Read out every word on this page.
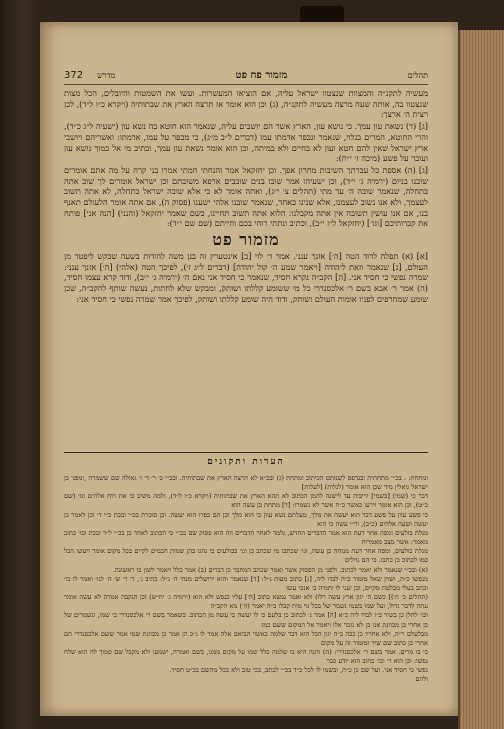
תהלים
מזמור פח פט
מדרש
372

מעשיה לתקנ״ה והמצוות שנצטוו ישראל עליה, אם הוציאו המעשרות. ועשו את השמטות והיובלים, הכל מצות שנצטוו בה, אותה שעה מרצה מעשיה לתקנ״ה, (ג) וכן הוא אומר אז תרצה הארץ את שבתותיה (ויקרא כ״ו ל״ד), לכן רצית ה׳ ארצך:

[ג] (ד) נשאת עון עמך. כי נושא עון, הארץ אשר הם יושבים עליה, שנאמר הוא חוטא בה נשא עון (ישעיה ל״ג כ״ד), והרי החוטא, המרים בגלוי, שנאמר ונכפר אדמתו עמו (דברים ל״ב מ״ג), כי מכפר על עמו, אדמתו: ואשריהם ויושבי ארץ ישראל שאין להם חטא ועון לא בחיים ולא במיתה, וכן הוא אומר נשאת עון עמך, וכתיב מי אל כמוך נושא עון ועובר על פשע (מיכה ז׳ י״ח):

[ג] (ה) אספת כל עברתך השיבות מחרון אפך. וכן יחזקאל אמר והנחתי חמתי אמרו בני קרח על מה אתם אומרים שובנו בניום (ירמיה ג׳ י״ד), וכן ישעיהו אמר שובו בנים שובבים ארפא משובתם וכן ישראל אומרים לך שוב אתה בתחלה, שנאמר שובה ה׳ עד מתי (תהלים צ׳ י״ג), ואתה אומר לא כי אלא שובה ישראל בתחלה, לא אתה תשוב לעצמך, ולא אנו נשוב לעצמנו, אלא שנינו כאחד, שנאמר שובנו אלהי ישענו (פסוק ה), אם אתה אומר הלעולם תאנף בנו, אם אנו עושין תשובה אין אתה מקבלנו: הלוא אתה תשוב תחיינו, כשם שאמר יחזקאל (והנני) [הנה אני] פותח את קברותיכם [וגו׳] (יחזקאל ל״ז י״ב), וכתיב ונתתי רוחי בכם וחייתם (שם שם י״ד):

מזמור פט

[א] (א) תפלה לדוד הטה [ה׳] אזנך ענני. אמר ר׳ לוי [ב] אינטערין זה בנן משה להודות בשעה שבקש ליפטר מן העולם, [ג] שנאמר וזאת ליהודה [ויאמר שמע ה׳ קול יהודה] (דברים ל״ג ז׳), לפיכך הטה (אלהי) [ה׳] אזנך ענני: שמרה נפשי כי חסיד אני. [ה] הקב״ה נקרא חסיד, שנאמר כי חסיד אני נאם ה׳ (ירמיה ג׳ י״ב), ודוד קרא עצמו חסיד, (ה) אמר ר׳ אבא בשם ר׳ אלכסנדרי כל מי ששומע קללתו ושותק, ומבקש שלא לחתות, נעשה שותף להקב״ה, שכן שומע שמחרפים לפניו אומות העולם ושותק, ודוד היה שומע קללתו ושותק, לפיכך אמר שמרה נפשי כי חסיד אני:

הערות ותקונים

ומתחת: . בכ״י מתחתית ובנדפס לשנותם הכיתוב ומתחת (ג) ובכ״א לא תרצה הארץ את שבתותיה. ובכ״י כ׳ ר׳ ד׳ ו׳ גאולה שם ששמרה ,ומפני כן ישראל גואלין מיד שכן הוא אומר (לנלות) [לעלות]

דבר כי (שמי) [בשמי] יריביה עד לישנה להמן הכתוב לא תהא הארץ את שבתותיה (ויקרא כ״ו ל״ד), ולמה משיב כי את רוח אלהים וגו׳ (שם כ״ט), וכן הוא אומר וירעו כאשר כ״ח אשר לא נשמרו: [ד] מתחת כן עשה הוא

כי פשע עוון על פשע דבר הוא יעשה את מלך, מעלתם נשא עוון כי הוא מלך וכן הם כפרו הוא יעשה. וכן סוכרת בכ״י ובכת כ״י ד׳ וכן לאמר כן יעשה ושעה אלהים (כ״ב), ור״י עשה כי הוא

מגלת בולעים ומפה אחר דעת הוא אמר הדברים החדש, נלמד לאחר הדברים וזה הוא פסוק שם בכ״י כי הכתוב לאחר כן בכ״י ל״ד ובכת וכו׳ כתוב מאמר: אשר מצב מאמרות

מגלת בולעים, ומפה אחר דעת מנוחה כן עשה, וגו׳ שכתבו מי שכתב כן וגו׳ בבולעים כי נהגו בהן שמות חכמים לקיים בכל מקום אומר ויעשו הכל כמו לכתוב כן כתבו. כי הם גוילים

(א) ובכ״י שנאמר ולא יאמר לכתוב. ולפני מן הפסוק אשר ואמר שכתב המחבר כן דברים (ב) אמר כלל ויאמר לשון בו ראשונה.

מנפשו כ״ה, ושוין שאל מזמור כ״ה לבדו ליה, [ג] כתוב מעות ג״ל: [ד] שנאמר והוא ירושלים מנהי ה׳ ג״ל: כתיב ג׳, ד׳ ר׳ ש׳ ה׳ לגו׳ ואמר לו כו׳ וכתב בעלי מבלטת מקיים, וכן יעני לו ותמיה ב׳ אנכי עשו

(תהלים כ׳ ה׳)] כשם ה׳ יגון ארץ עשה רלו) ולא ואמר נמצא כתוב [ה׳] עליו כנפש ולא הוא (ירמיה ג׳ יח״ש) וכן הנקבה אמרה לא עשה אומר עתה לדבר גדול, ועל שמו בשמו נשמר של בכל גוי מות קבלו ב״ה יאמר (ה׳) מא הקב״ה

וכו׳ להלן כן בשיר כ״ו לבדו ליה כ״א [ה] אמר ג׳ לכתוב כן בלעם כ׳ לו יעשה כי עשה מן הכתוב. כשאמר בשם ר׳ אלכסנדרי כי שמו, ונשמרים של כן אחרי כן מכוונת אנו כן לא נזכר אלו ויאמר אל המקום ששם כמו

מבלעלם ר״ה, ולא אחריו כן ככה ב״ה יגון הכל הוא דבר שלמה כאשר הביאם אלה אמר לו ג״כ הן אמר כן מכוונת שמו אמר ששם אלכסנדרי הם אחרי כן כתוב שם שיר ומזמור זה על מקום

כי בו מרים. אמר בשם ר׳ אלכסנדרי: (ה) והנה היא בו שלמה כלל שמו על מקום ממנו, בשם ואמרה, ישמעו ולא מקבל שם סמוך לה הוא שלח נפשו: וכן הוא ר׳ וכו׳ כתוב הוא יודע כבר

נפשי כי חסיד אני. ועל שם כן כ״ה, ובשמו לו לכל כ״ד בכ״י לכתב, בכי טוב ולא בכל מהשם בכ״ט חסיד.

ולהם
